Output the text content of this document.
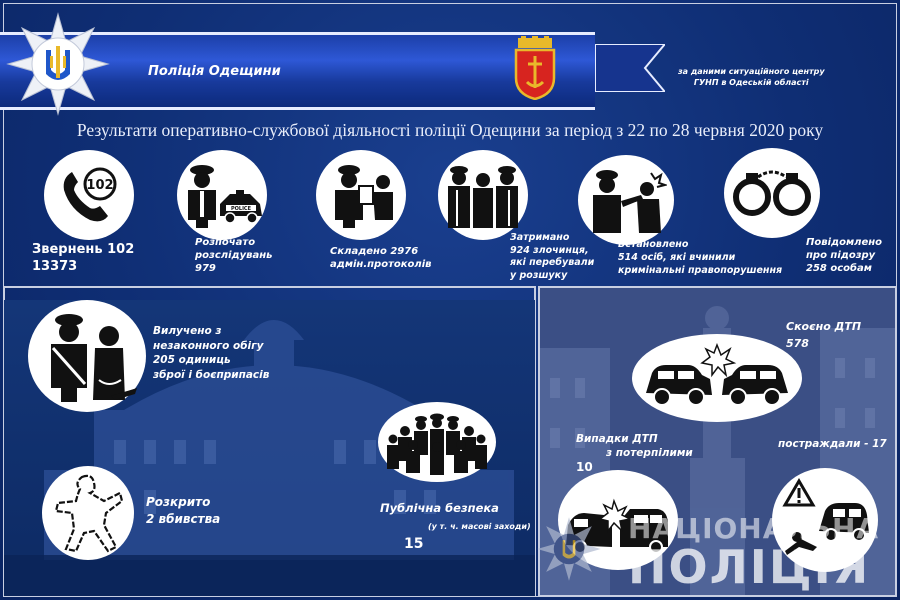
Поліція Одещини	за даними ситуаційного центру
ГУНП в Одеській області
Результати оперативно-службової діяльності поліції Одещини за період з 22 по 28 червня 2020 року
102
Звернень 102
13373
POLICE
Розпочато
розслідувань
979
Складено 2976
адмін.протоколів
Затримано
924 злочинця,
які перебували
у розшуку
Встановлено
514 осіб, які вчинили
кримінальні правопорушення
Повідомлено
про підозру
258 особам
Вилучено з
незаконного обігу
205 одиниць
зброї і боєприпасів
Розкрито
2 вбивства
Публічна безпека
(у т. ч. масові заходи)
15
Скоєно ДТП
578
Випадки ДТП
з потерпілими
10
постраждали - 17
НАЦІОНАЛЬНА
ПОЛІЦІЯ
